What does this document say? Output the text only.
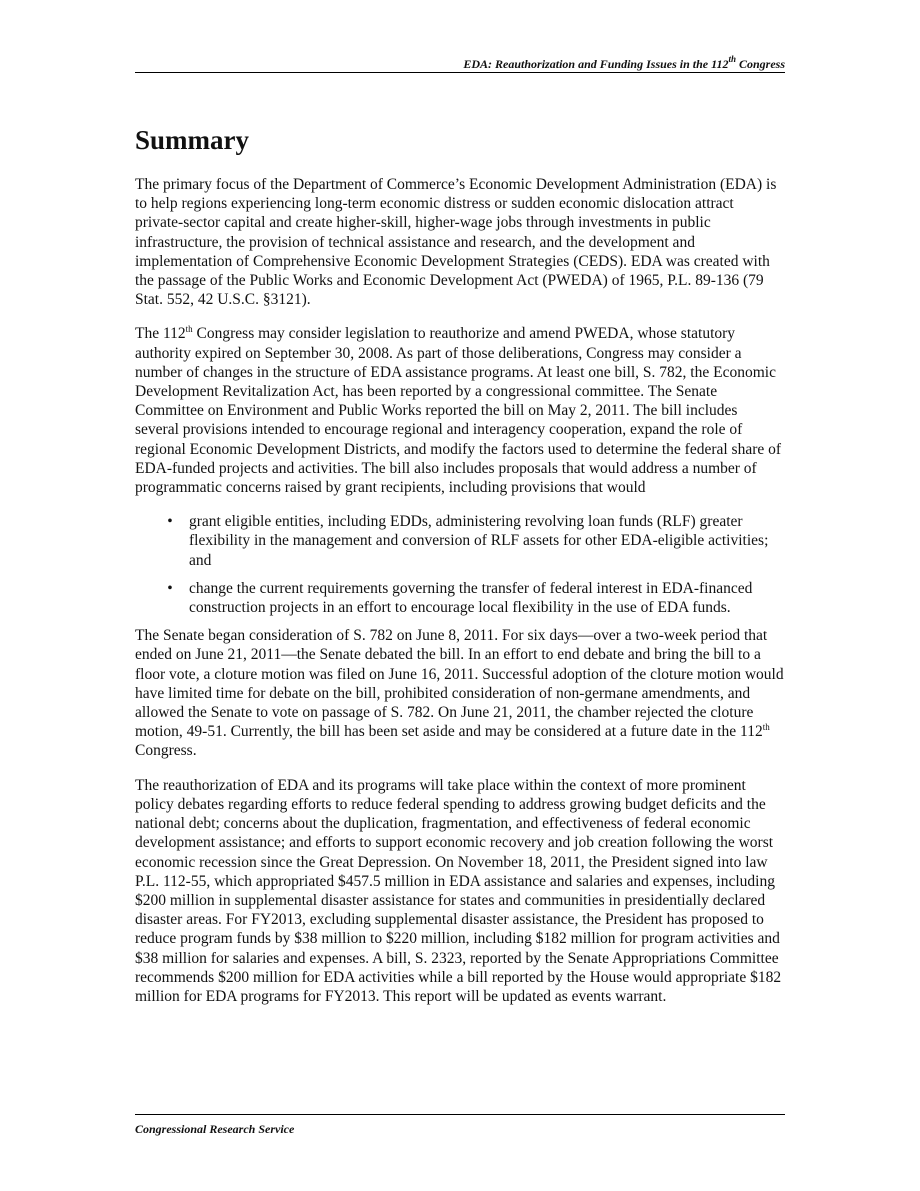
EDA: Reauthorization and Funding Issues in the 112th Congress
Summary

The primary focus of the Department of Commerce’s Economic Development Administration (EDA) is to help regions experiencing long-term economic distress or sudden economic dislocation attract private-sector capital and create higher-skill, higher-wage jobs through investments in public infrastructure, the provision of technical assistance and research, and the development and implementation of Comprehensive Economic Development Strategies (CEDS). EDA was created with the passage of the Public Works and Economic Development Act (PWEDA) of 1965, P.L. 89-136 (79 Stat. 552, 42 U.S.C. §3121).

The 112th Congress may consider legislation to reauthorize and amend PWEDA, whose statutory authority expired on September 30, 2008. As part of those deliberations, Congress may consider a number of changes in the structure of EDA assistance programs. At least one bill, S. 782, the Economic Development Revitalization Act, has been reported by a congressional committee. The Senate Committee on Environment and Public Works reported the bill on May 2, 2011. The bill includes several provisions intended to encourage regional and interagency cooperation, expand the role of regional Economic Development Districts, and modify the factors used to determine the federal share of EDA-funded projects and activities. The bill also includes proposals that would address a number of programmatic concerns raised by grant recipients, including provisions that would

• grant eligible entities, including EDDs, administering revolving loan funds (RLF) greater flexibility in the management and conversion of RLF assets for other EDA-eligible activities; and
• change the current requirements governing the transfer of federal interest in EDA-financed construction projects in an effort to encourage local flexibility in the use of EDA funds.

The Senate began consideration of S. 782 on June 8, 2011. For six days—over a two-week period that ended on June 21, 2011—the Senate debated the bill. In an effort to end debate and bring the bill to a floor vote, a cloture motion was filed on June 16, 2011. Successful adoption of the cloture motion would have limited time for debate on the bill, prohibited consideration of non-germane amendments, and allowed the Senate to vote on passage of S. 782. On June 21, 2011, the chamber rejected the cloture motion, 49-51. Currently, the bill has been set aside and may be considered at a future date in the 112th Congress.

The reauthorization of EDA and its programs will take place within the context of more prominent policy debates regarding efforts to reduce federal spending to address growing budget deficits and the national debt; concerns about the duplication, fragmentation, and effectiveness of federal economic development assistance; and efforts to support economic recovery and job creation following the worst economic recession since the Great Depression. On November 18, 2011, the President signed into law P.L. 112-55, which appropriated $457.5 million in EDA assistance and salaries and expenses, including $200 million in supplemental disaster assistance for states and communities in presidentially declared disaster areas. For FY2013, excluding supplemental disaster assistance, the President has proposed to reduce program funds by $38 million to $220 million, including $182 million for program activities and $38 million for salaries and expenses. A bill, S. 2323, reported by the Senate Appropriations Committee recommends $200 million for EDA activities while a bill reported by the House would appropriate $182 million for EDA programs for FY2013. This report will be updated as events warrant.

Congressional Research Service
